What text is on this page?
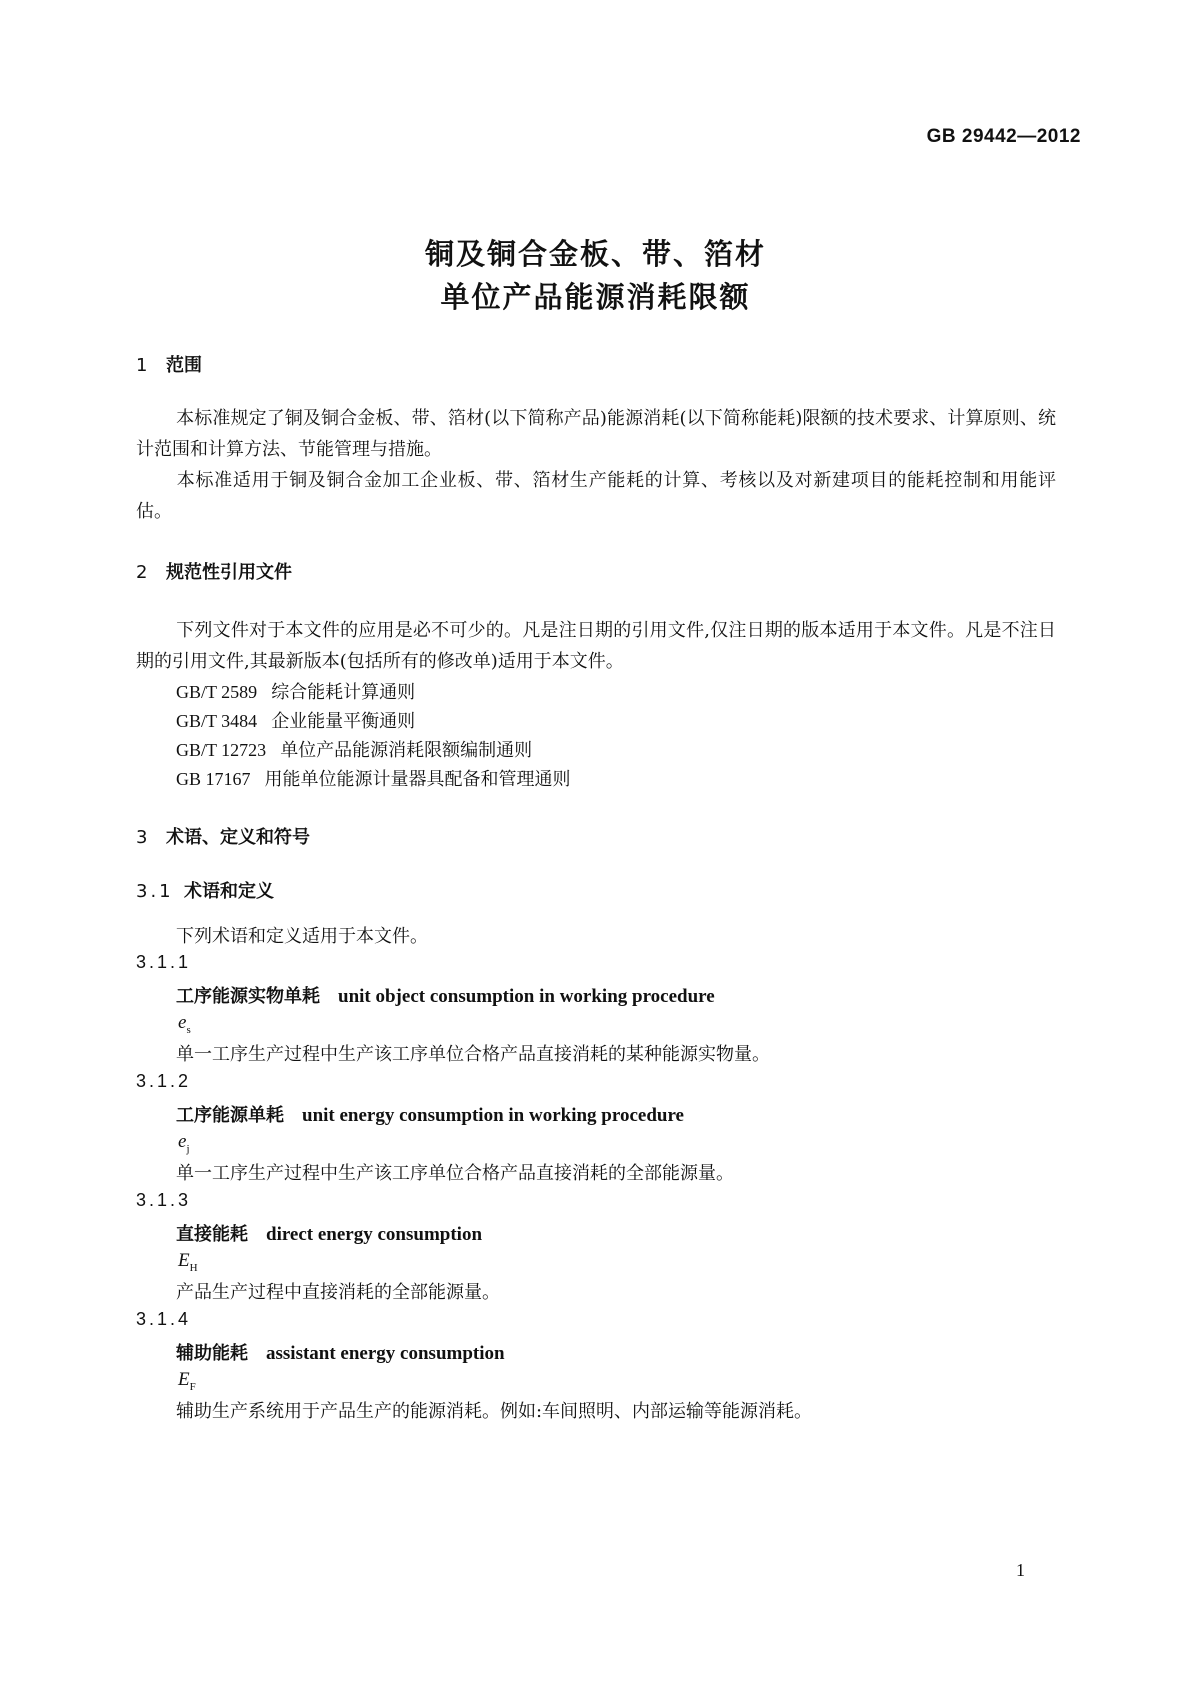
GB 29442—2012
铜及铜合金板、带、箔材
单位产品能源消耗限额
1 范围
本标准规定了铜及铜合金板、带、箔材(以下简称产品)能源消耗(以下简称能耗)限额的技术要求、计算原则、统计范围和计算方法、节能管理与措施。
本标准适用于铜及铜合金加工企业板、带、箔材生产能耗的计算、考核以及对新建项目的能耗控制和用能评估。
2 规范性引用文件
下列文件对于本文件的应用是必不可少的。凡是注日期的引用文件,仅注日期的版本适用于本文件。凡是不注日期的引用文件,其最新版本(包括所有的修改单)适用于本文件。
GB/T 2589 综合能耗计算通则
GB/T 3484 企业能量平衡通则
GB/T 12723 单位产品能源消耗限额编制通则
GB 17167 用能单位能源计量器具配备和管理通则
3 术语、定义和符号
3.1 术语和定义
下列术语和定义适用于本文件。
3.1.1
工序能源实物单耗 unit object consumption in working procedure
$e_s$
单一工序生产过程中生产该工序单位合格产品直接消耗的某种能源实物量。
3.1.2
工序能源单耗 unit energy consumption in working procedure
$e_j$
单一工序生产过程中生产该工序单位合格产品直接消耗的全部能源量。
3.1.3
直接能耗 direct energy consumption
$E_H$
产品生产过程中直接消耗的全部能源量。
3.1.4
辅助能耗 assistant energy consumption
$E_F$
辅助生产系统用于产品生产的能源消耗。例如:车间照明、内部运输等能源消耗。
1
